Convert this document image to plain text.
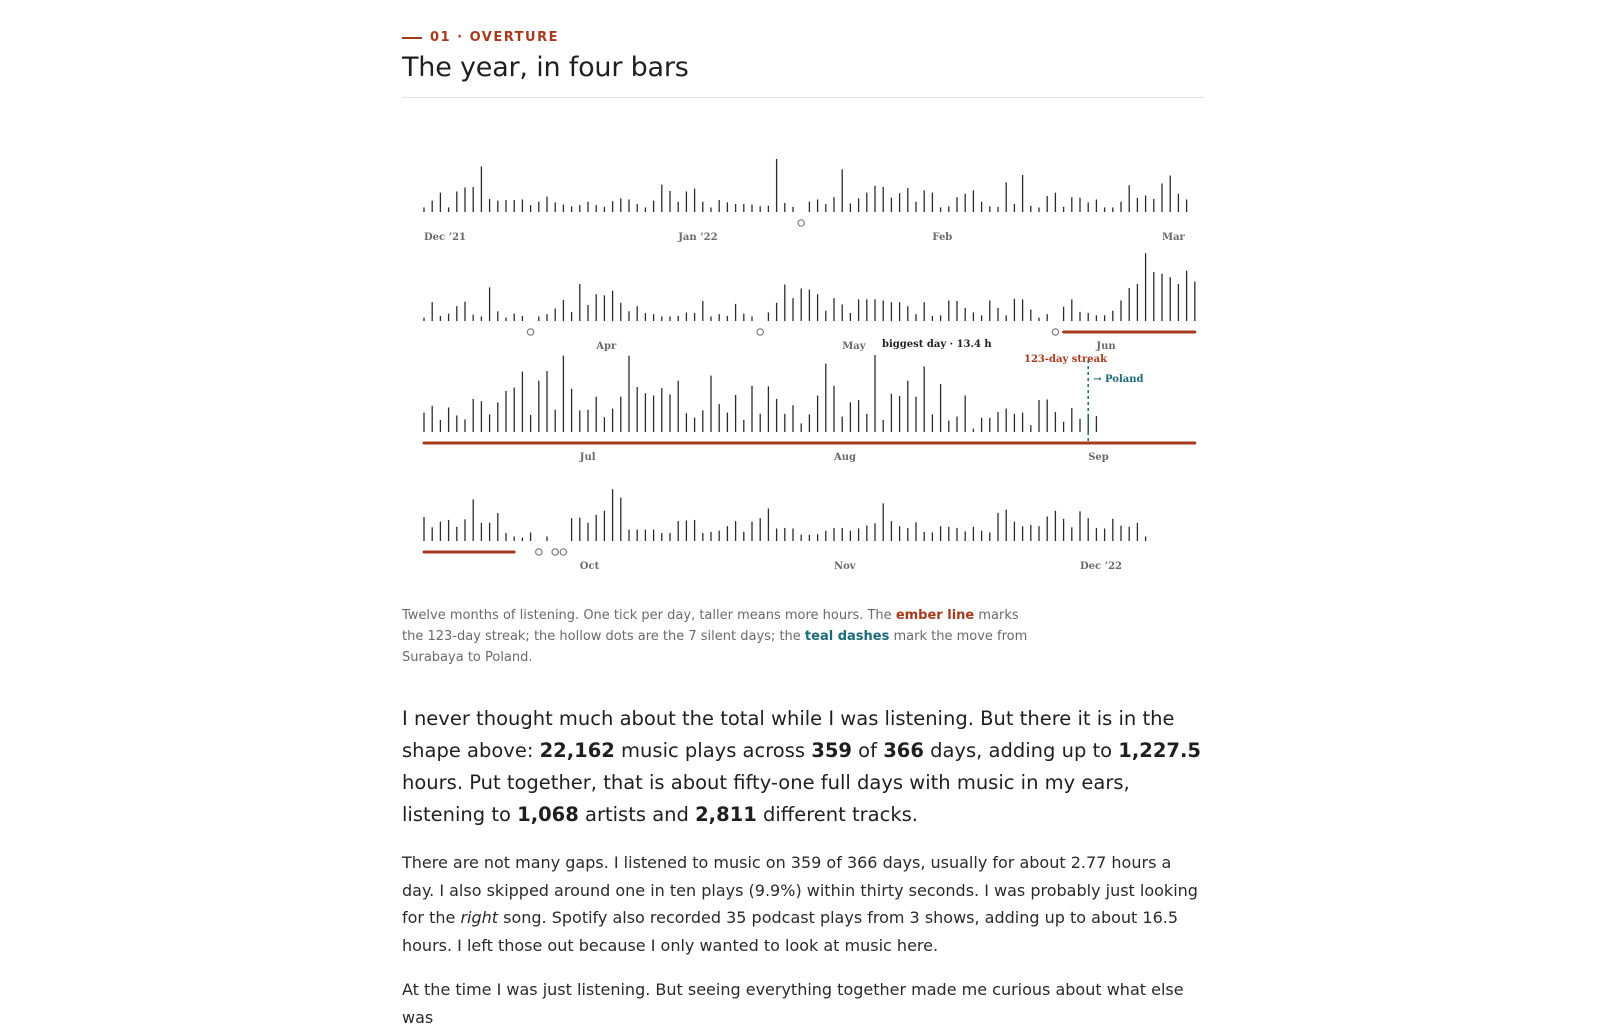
01 · OVERTURE
The year, in four bars
Dec ’21	Jan ’22	Feb	Mar
Apr	May	Jun
Jul	Aug	Sep
→ Poland
Oct	Nov	Dec ’22
biggest day · 13.4 h
123-day streak
Twelve months of listening. One tick per day, taller means more hours. The ember line marks the 123-day streak; the hollow dots are the 7 silent days; the teal dashes mark the move from Surabaya to Poland.
I never thought much about the total while I was listening. But there it is in the shape above: 22,162 music plays across 359 of 366 days, adding up to 1,227.5 hours. Put together, that is about fifty-one full days with music in my ears, listening to 1,068 artists and 2,811 different tracks.
There are not many gaps. I listened to music on 359 of 366 days, usually for about 2.77 hours a day. I also skipped around one in ten plays (9.9%) within thirty seconds. I was probably just looking for the right song. Spotify also recorded 35 podcast plays from 3 shows, adding up to about 16.5 hours. I left those out because I only wanted to look at music here.
At the time I was just listening. But seeing everything together made me curious about what else was
